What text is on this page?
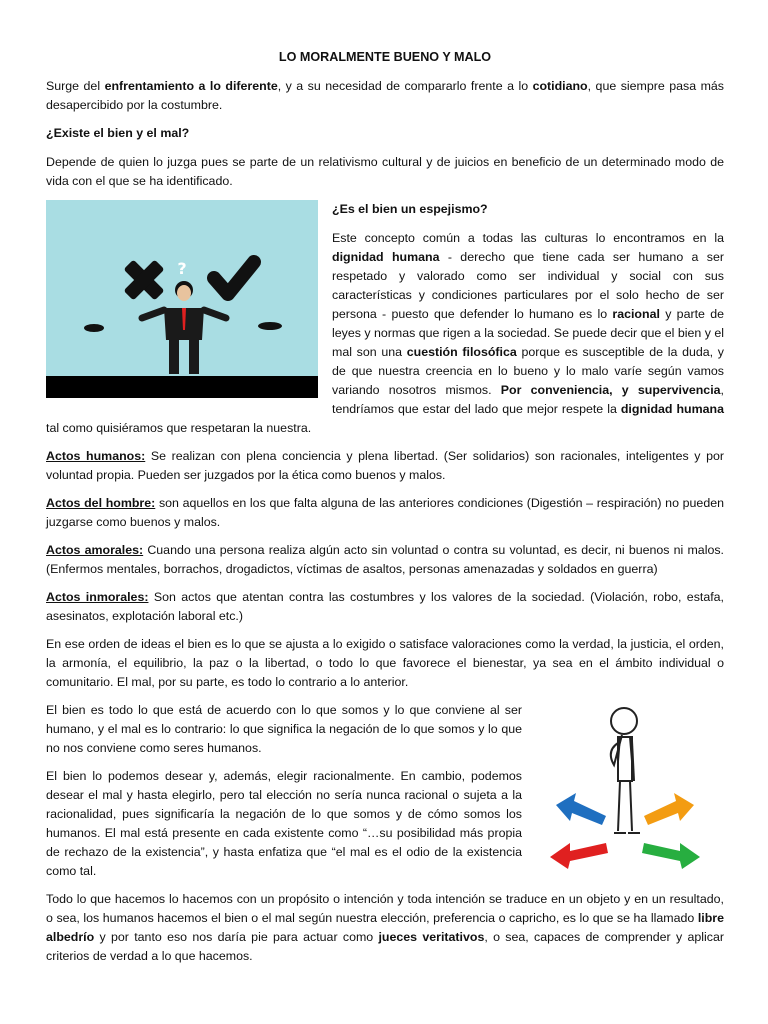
LO MORALMENTE BUENO Y MALO

Surge del enfrentamiento a lo diferente, y a su necesidad de compararlo frente a lo cotidiano, que siempre pasa más desapercibido por la costumbre.

¿Existe el bien y el mal?

Depende de quien lo juzga pues se parte de un relativismo cultural y de juicios en beneficio de un determinado modo de vida con el que se ha identificado.

?
¿Es el bien un espejismo?

Este concepto común a todas las culturas lo encontramos en la dignidad humana - derecho que tiene cada ser humano a ser respetado y valorado como ser individual y social con sus características y condiciones particulares por el solo hecho de ser persona - puesto que defender lo humano es lo racional y parte de leyes y normas que rigen a la sociedad. Se puede decir que el bien y el mal son una cuestión filosófica porque es susceptible de la duda, y de que nuestra creencia en lo bueno y lo malo varíe según vamos variando nosotros mismos. Por conveniencia, y supervivencia, tendríamos que estar del lado que mejor respete la dignidad humana tal como quisiéramos que respetaran la nuestra.

Actos humanos: Se realizan con plena conciencia y plena libertad. (Ser solidarios) son racionales, inteligentes y por voluntad propia. Pueden ser juzgados por la ética como buenos y malos.

Actos del hombre: son aquellos en los que falta alguna de las anteriores condiciones (Digestión – respiración) no pueden juzgarse como buenos y malos.

Actos amorales: Cuando una persona realiza algún acto sin voluntad o contra su voluntad, es decir, ni buenos ni malos. (Enfermos mentales, borrachos, drogadictos, víctimas de asaltos, personas amenazadas y soldados en guerra)

Actos inmorales: Son actos que atentan contra las costumbres y los valores de la sociedad. (Violación, robo, estafa, asesinatos, explotación laboral etc.)

En ese orden de ideas el bien es lo que se ajusta a lo exigido o satisface valoraciones como la verdad, la justicia, el orden, la armonía, el equilibrio, la paz o la libertad, o todo lo que favorece el bienestar, ya sea en el ámbito individual o comunitario. El mal, por su parte, es todo lo contrario a lo anterior.

El bien es todo lo que está de acuerdo con lo que somos y lo que conviene al ser humano, y el mal es lo contrario: lo que significa la negación de lo que somos y lo que no nos conviene como seres humanos.

El bien lo podemos desear y, además, elegir racionalmente. En cambio, podemos desear el mal y hasta elegirlo, pero tal elección no sería nunca racional o sujeta a la racionalidad, pues significaría la negación de lo que somos y de cómo somos los humanos. El mal está presente en cada existente como “…su posibilidad más propia de rechazo de la existencia”, y hasta enfatiza que “el mal es el odio de la existencia como tal.

Todo lo que hacemos lo hacemos con un propósito o intención y toda intención se traduce en un objeto y en un resultado, o sea, los humanos hacemos el bien o el mal según nuestra elección, preferencia o capricho, es lo que se ha llamado libre albedrío y por tanto eso nos daría pie para actuar como jueces veritativos, o sea, capaces de comprender y aplicar criterios de verdad a lo que hacemos.
